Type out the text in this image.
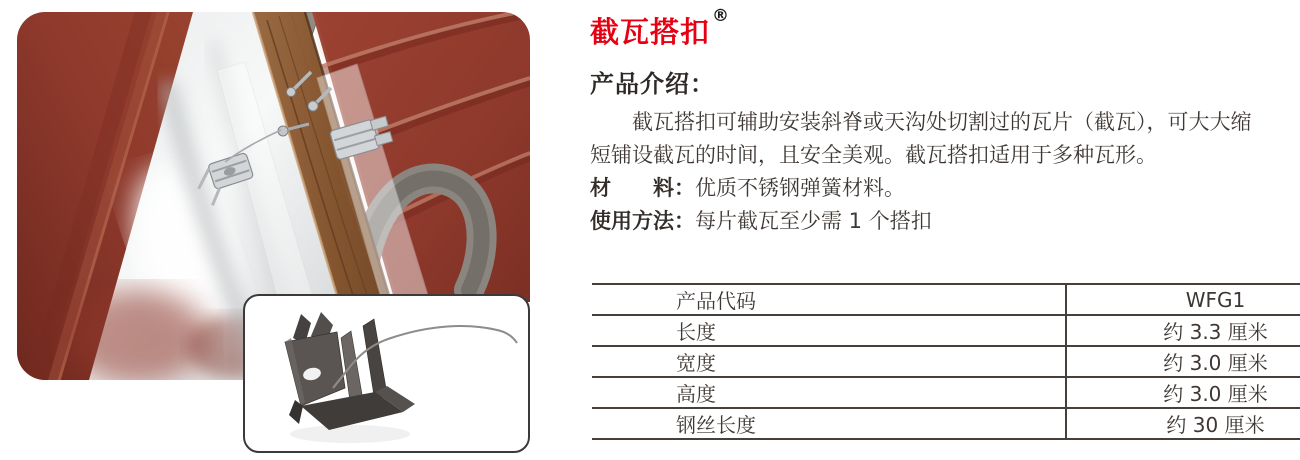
截瓦搭扣 ®
产品介绍：
截瓦搭扣可辅助安装斜脊或天沟处切割过的瓦片（截瓦），可大大缩
短铺设截瓦的时间，且安全美观。截瓦搭扣适用于多种瓦形。
材　　料：优质不锈钢弹簧材料。
使用方法：每片截瓦至少需 1 个搭扣
产品代码	WFG1
长度	约 3.3 厘米
宽度	约 3.0 厘米
高度	约 3.0 厘米
钢丝长度	约 30 厘米
